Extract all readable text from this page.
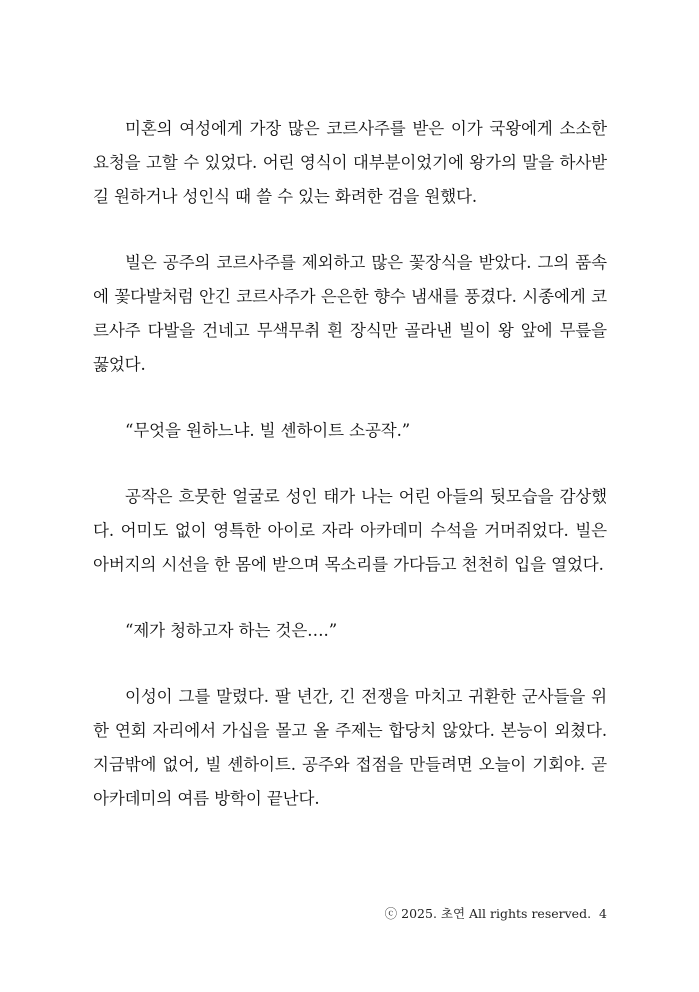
미혼의 여성에게 가장 많은 코르사주를 받은 이가 국왕에게 소소한 요청을 고할 수 있었다. 어린 영식이 대부분이었기에 왕가의 말을 하사받길 원하거나 성인식 때 쓸 수 있는 화려한 검을 원했다.

빌은 공주의 코르사주를 제외하고 많은 꽃장식을 받았다. 그의 품속에 꽃다발처럼 안긴 코르사주가 은은한 향수 냄새를 풍겼다. 시종에게 코르사주 다발을 건네고 무색무취 흰 장식만 골라낸 빌이 왕 앞에 무릎을 꿇었다.

“무엇을 원하느냐. 빌 셴하이트 소공작.”

공작은 흐뭇한 얼굴로 성인 태가 나는 어린 아들의 뒷모습을 감상했다. 어미도 없이 영특한 아이로 자라 아카데미 수석을 거머쥐었다. 빌은 아버지의 시선을 한 몸에 받으며 목소리를 가다듬고 천천히 입을 열었다.

“제가 청하고자 하는 것은….”

이성이 그를 말렸다. 팔 년간, 긴 전쟁을 마치고 귀환한 군사들을 위한 연회 자리에서 가십을 몰고 올 주제는 합당치 않았다. 본능이 외쳤다. 지금밖에 없어, 빌 셴하이트. 공주와 접점을 만들려면 오늘이 기회야. 곧 아카데미의 여름 방학이 끝난다.

ⓒ 2025. 초연 All rights reserved. 4
